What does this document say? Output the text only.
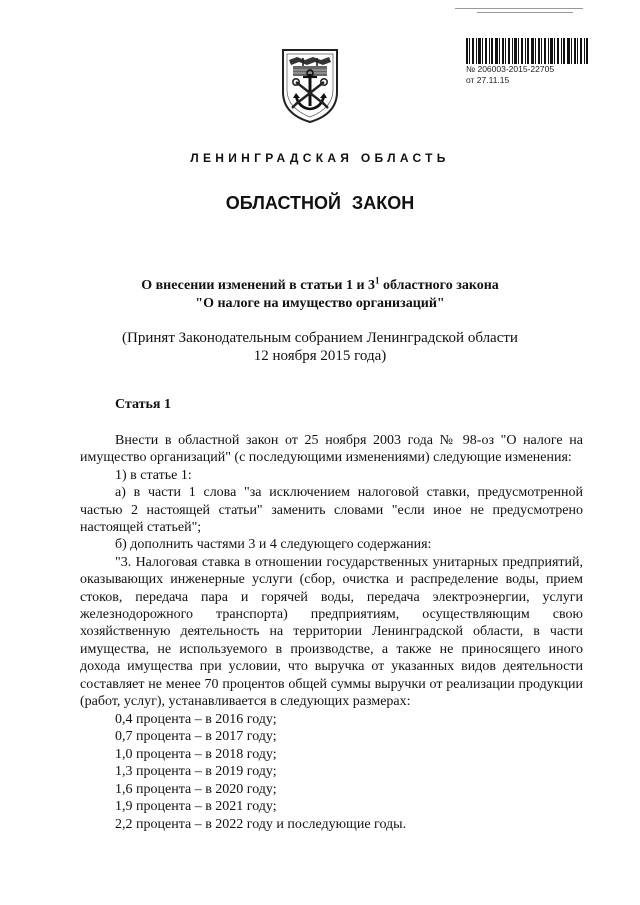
№ 206003-2015-22705
от 27.11.15
ЛЕНИНГРАДСКАЯ ОБЛАСТЬ
ОБЛАСТНОЙ ЗАКОН
О внесении изменений в статьи 1 и $3^1$ областного закона
"О налоге на имущество организаций"
(Принят Законодательным собранием Ленинградской области
12 ноября 2015 года)
Статья 1

Внести в областной закон от 25 ноября 2003 года № 98-оз "О налоге на имущество организаций" (с последующими изменениями) следующие изменения:

1) в статье 1:

а) в части 1 слова "за исключением налоговой ставки, предусмотренной частью 2 настоящей статьи" заменить словами "если иное не предусмотрено настоящей статьей";

б) дополнить частями 3 и 4 следующего содержания:

"3. Налоговая ставка в отношении государственных унитарных предприятий, оказывающих инженерные услуги (сбор, очистка и распределение воды, прием стоков, передача пара и горячей воды, передача электроэнергии, услуги железнодорожного транспорта) предприятиям, осуществляющим свою хозяйственную деятельность на территории Ленинградской области, в части имущества, не используемого в производстве, а также не приносящего иного дохода имущества при условии, что выручка от указанных видов деятельности составляет не менее 70 процентов общей суммы выручки от реализации продукции (работ, услуг), устанавливается в следующих размерах:

0,4 процента – в 2016 году;

0,7 процента – в 2017 году;

1,0 процента – в 2018 году;

1,3 процента – в 2019 году;

1,6 процента – в 2020 году;

1,9 процента – в 2021 году;

2,2 процента – в 2022 году и последующие годы.
